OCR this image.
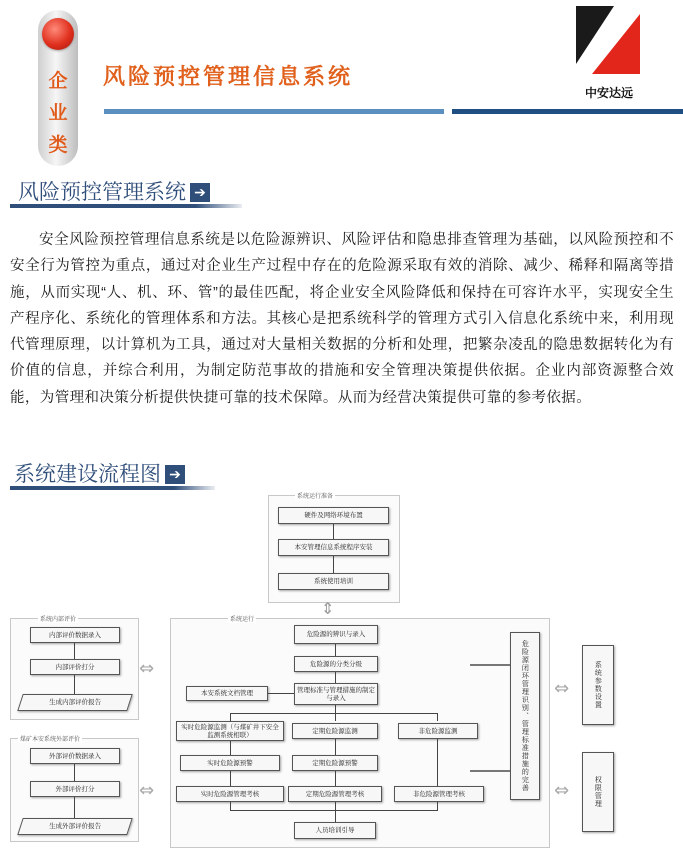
企
业
类
风险预控管理信息系统
中安达远
风险预控管理系统 ➔
安全风险预控管理信息系统是以危险源辨识、风险评估和隐患排查管理为基础，以风险预控和不安全行为管控为重点，通过对企业生产过程中存在的危险源采取有效的消除、减少、稀释和隔离等措施，从而实现“人、机、环、管”的最佳匹配，将企业安全风险降低和保持在可容许水平，实现安全生产程序化、系统化的管理体系和方法。其核心是把系统科学的管理方式引入信息化系统中来，利用现代管理原理，以计算机为工具，通过对大量相关数据的分析和处理，把繁杂凌乱的隐患数据转化为有价值的信息，并综合利用，为制定防范事故的措施和安全管理决策提供依据。企业内部资源整合效能，为管理和决策分析提供快捷可靠的技术保障。从而为经营决策提供可靠的参考依据。
系统建设流程图 ➔
系统运行准备
硬件及网络环境布置
本安管理信息系统程序安装
系统使用培训
⇕
系统内部评价
内部评价数据录入
内部评价打分
生成内部评价报告
煤矿本安系统外部评价
外部评价数据录入
外部评价打分
生成外部评价报告
⇔
⇔
系统运行
危险源的辨识与录入
危险源的分类分级
管理标准与管理措施的制定与录入
本安系统文档管理
实时危险源监测（与煤矿井下安全监测系统相联）
实时危险源预警
实时危险源管理考核
定期危险源监测
定期危险源预警
定期危险源管理考核
非危险源监测
非危险源管理考核
人员培训引导
危险源闭环管理识别、管理标准措施的完善	⇔
⇔
系统参数设置
权限管理
